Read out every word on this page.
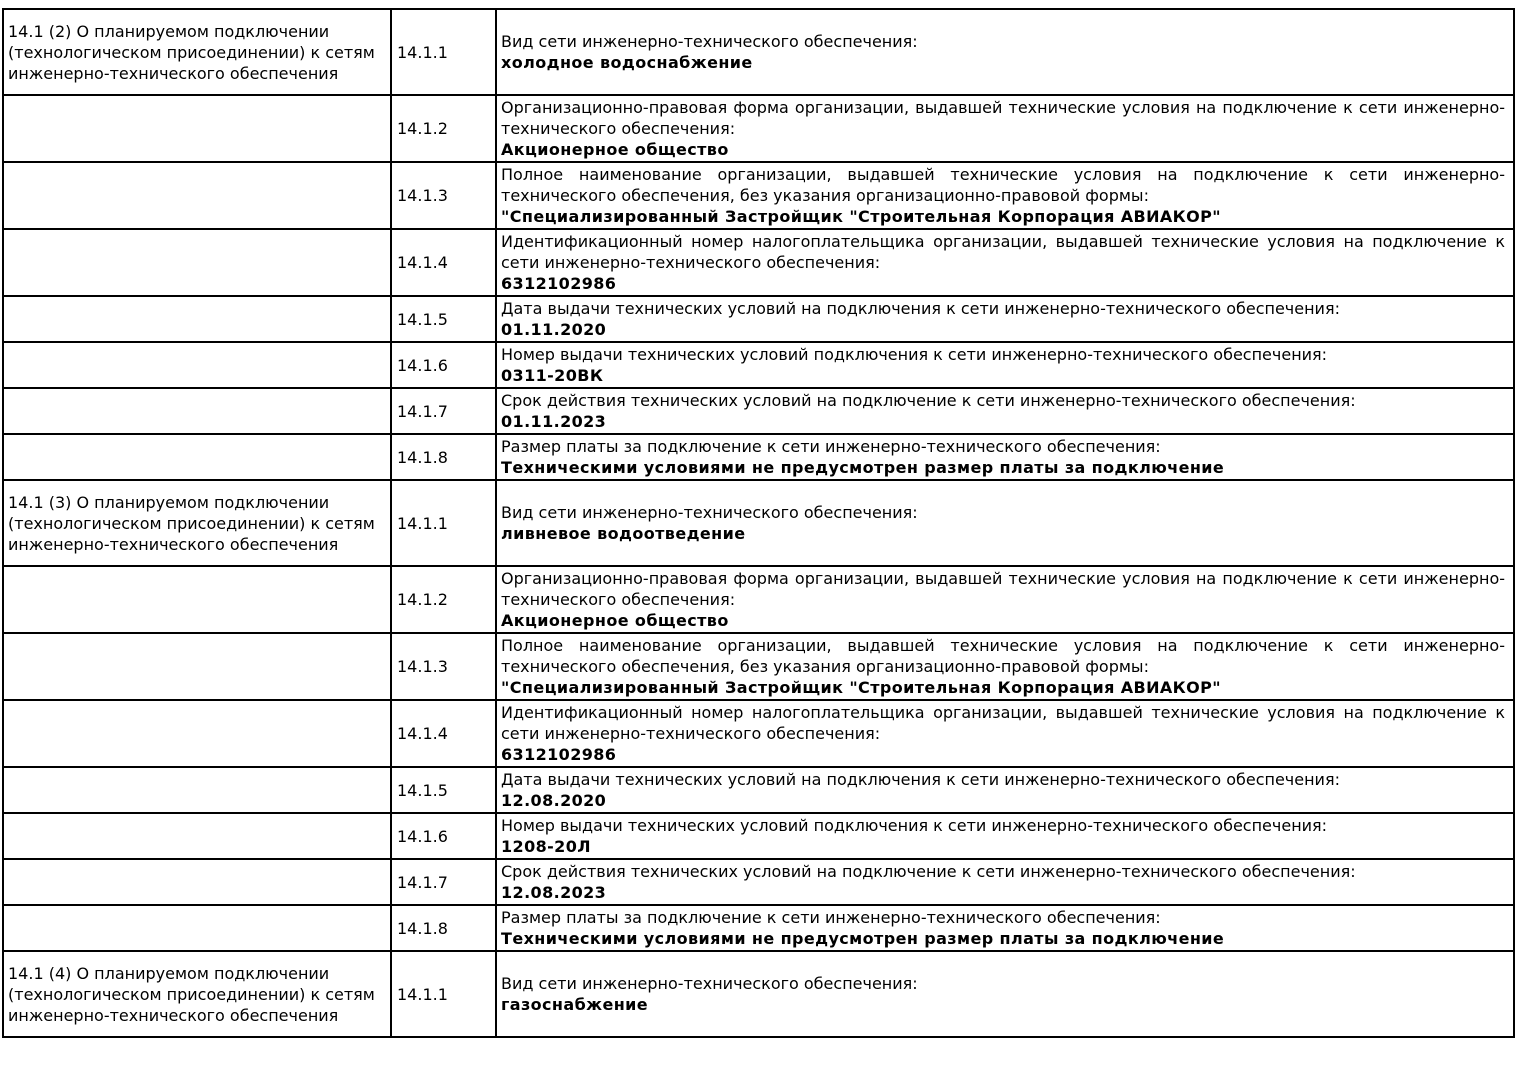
14.1 (2) О планируемом подключении (технологическом присоединении) к сетям инженерно-технического обеспечения	14.1.1	Вид сети инженерно-технического обеспечения:
холодное водоснабжение

	14.1.2	Организационно-правовая форма организации, выдавшей технические условия на подключение к сети инженерно-технического обеспечения:
Акционерное общество

	14.1.3	Полное наименование организации, выдавшей технические условия на подключение к сети инженерно-технического обеспечения, без указания организационно-правовой формы:
"Специализированный Застройщик "Строительная Корпорация АВИАКОР"

	14.1.4	Идентификационный номер налогоплательщика организации, выдавшей технические условия на подключение к сети инженерно-технического обеспечения:
6312102986

	14.1.5	Дата выдачи технических условий на подключения к сети инженерно-технического обеспечения:
01.11.2020

	14.1.6	Номер выдачи технических условий подключения к сети инженерно-технического обеспечения:
0311-20ВК

	14.1.7	Срок действия технических условий на подключение к сети инженерно-технического обеспечения:
01.11.2023

	14.1.8	Размер платы за подключение к сети инженерно-технического обеспечения:
Техническими условиями не предусмотрен размер платы за подключение

14.1 (3) О планируемом подключении (технологическом присоединении) к сетям инженерно-технического обеспечения	14.1.1	Вид сети инженерно-технического обеспечения:
ливневое водоотведение

	14.1.2	Организационно-правовая форма организации, выдавшей технические условия на подключение к сети инженерно-технического обеспечения:
Акционерное общество

	14.1.3	Полное наименование организации, выдавшей технические условия на подключение к сети инженерно-технического обеспечения, без указания организационно-правовой формы:
"Специализированный Застройщик "Строительная Корпорация АВИАКОР"

	14.1.4	Идентификационный номер налогоплательщика организации, выдавшей технические условия на подключение к сети инженерно-технического обеспечения:
6312102986

	14.1.5	Дата выдачи технических условий на подключения к сети инженерно-технического обеспечения:
12.08.2020

	14.1.6	Номер выдачи технических условий подключения к сети инженерно-технического обеспечения:
1208-20Л

	14.1.7	Срок действия технических условий на подключение к сети инженерно-технического обеспечения:
12.08.2023

	14.1.8	Размер платы за подключение к сети инженерно-технического обеспечения:
Техническими условиями не предусмотрен размер платы за подключение

14.1 (4) О планируемом подключении (технологическом присоединении) к сетям инженерно-технического обеспечения	14.1.1	Вид сети инженерно-технического обеспечения:
газоснабжение
